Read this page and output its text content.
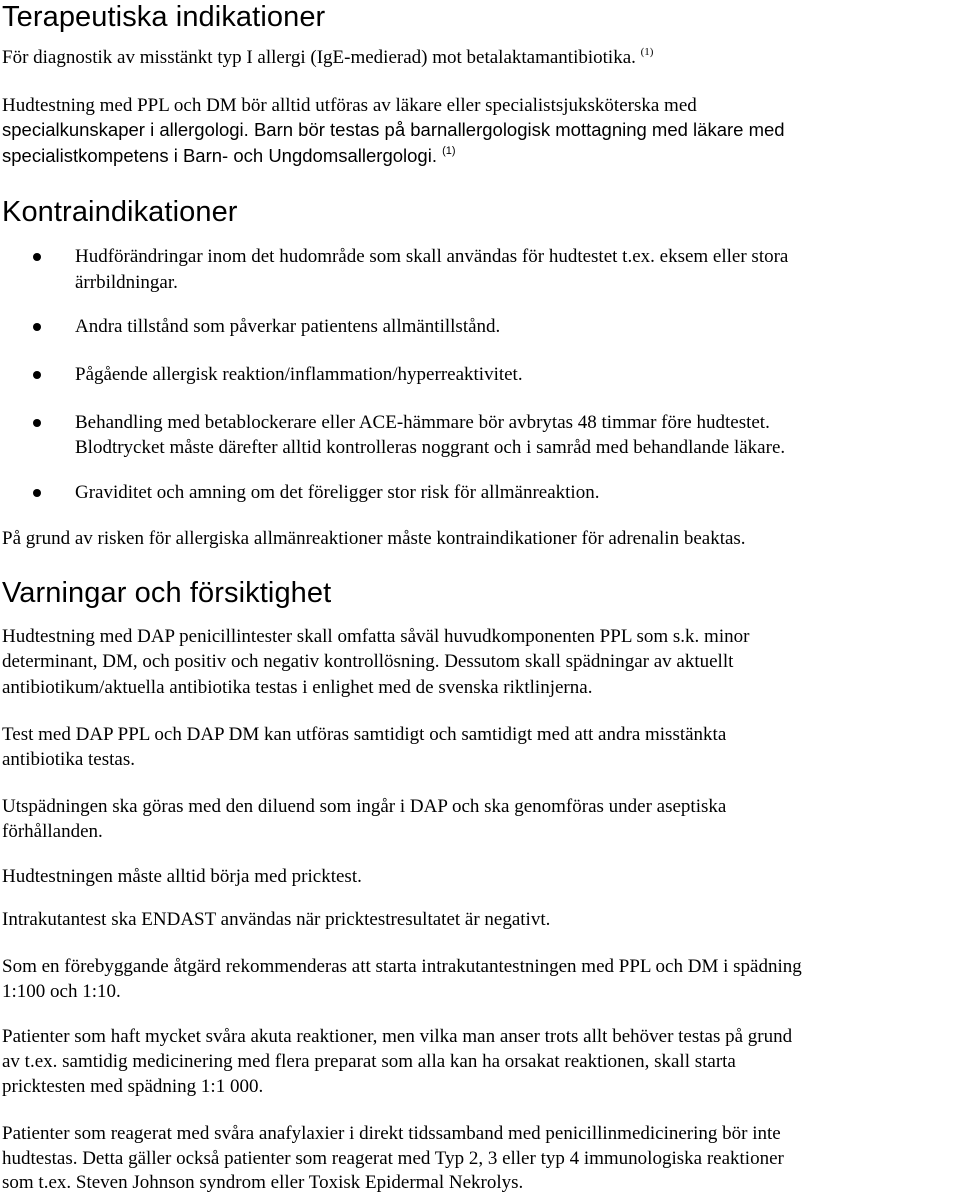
Terapeutiska indikationer
För diagnostik av misstänkt typ I allergi (IgE-medierad) mot betalaktamantibiotika. $^{(1)}$
Hudtestning med PPL och DM bör alltid utföras av läkare eller specialistsjuksköterska med
specialkunskaper i allergologi. Barn bör testas på barnallergologisk mottagning med läkare med
specialistkompetens i Barn- och Ungdomsallergologi. $^{(1)}$
Kontraindikationer
Hudförändringar inom det hudområde som skall användas för hudtestet t.ex. eksem eller stora
ärrbildningar.
Andra tillstånd som påverkar patientens allmäntillstånd.
Pågående allergisk reaktion/inflammation/hyperreaktivitet.
Behandling med betablockerare eller ACE-hämmare bör avbrytas 48 timmar före hudtestet.
Blodtrycket måste därefter alltid kontrolleras noggrant och i samråd med behandlande läkare.
Graviditet och amning om det föreligger stor risk för allmänreaktion.
På grund av risken för allergiska allmänreaktioner måste kontraindikationer för adrenalin beaktas.
Varningar och försiktighet
Hudtestning med DAP penicillintester skall omfatta såväl huvudkomponenten PPL som s.k. minor
determinant, DM, och positiv och negativ kontrollösning. Dessutom skall spädningar av aktuellt
antibiotikum/aktuella antibiotika testas i enlighet med de svenska riktlinjerna.
Test med DAP PPL och DAP DM kan utföras samtidigt och samtidigt med att andra misstänkta
antibiotika testas.
Utspädningen ska göras med den diluend som ingår i DAP och ska genomföras under aseptiska
förhållanden.
Hudtestningen måste alltid börja med pricktest.
Intrakutantest ska ENDAST användas när pricktestresultatet är negativt.
Som en förebyggande åtgärd rekommenderas att starta intrakutantestningen med PPL och DM i spädning
1:100 och 1:10.
Patienter som haft mycket svåra akuta reaktioner, men vilka man anser trots allt behöver testas på grund
av t.ex. samtidig medicinering med flera preparat som alla kan ha orsakat reaktionen, skall starta
pricktesten med spädning 1:1 000.
Patienter som reagerat med svåra anafylaxier i direkt tidssamband med penicillinmedicinering bör inte
hudtestas. Detta gäller också patienter som reagerat med Typ 2, 3 eller typ 4 immunologiska reaktioner
som t.ex. Steven Johnson syndrom eller Toxisk Epidermal Nekrolys.
